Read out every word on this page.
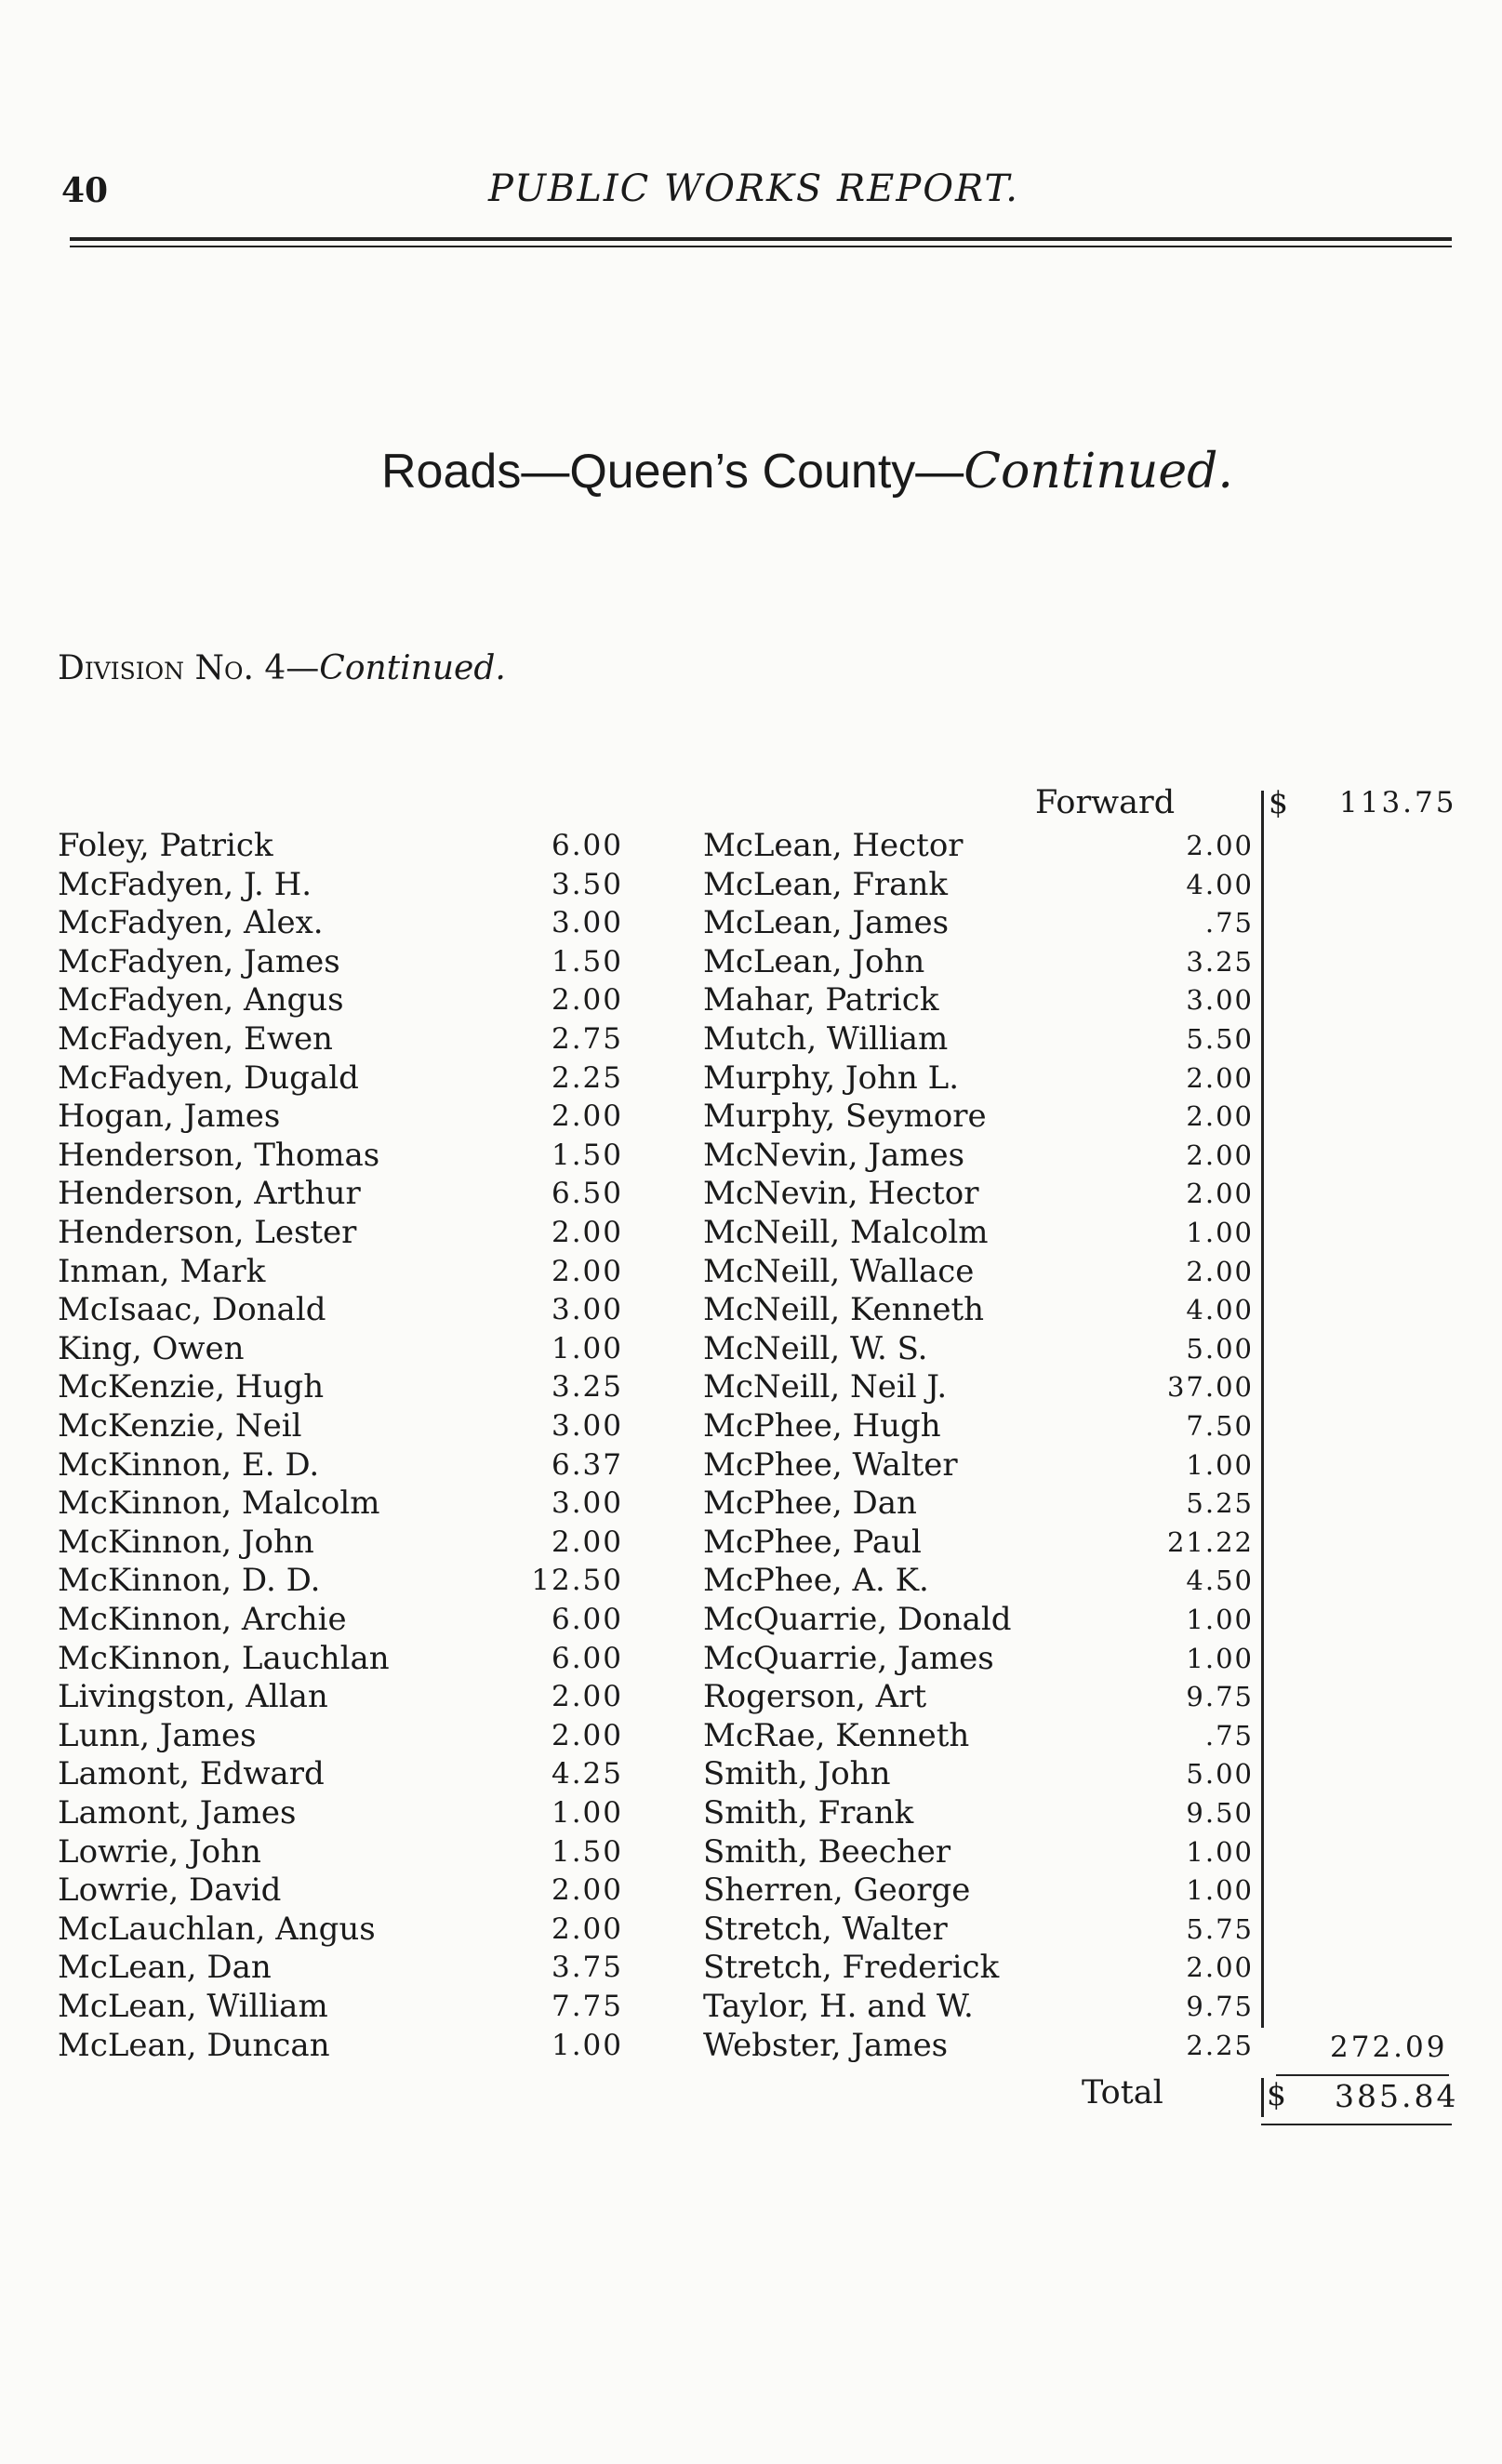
40	PUBLIC WORKS REPORT.
Roads—Queen’s County—Continued.
Division No. 4—Continued.
Forward	$ 113.75
Foley, Patrick	6.00
McFadyen, J. H.	3.50
McFadyen, Alex.	3.00
McFadyen, James	1.50
McFadyen, Angus	2.00
McFadyen, Ewen	2.75
McFadyen, Dugald	2.25
Hogan, James	2.00
Henderson, Thomas	1.50
Henderson, Arthur	6.50
Henderson, Lester	2.00
Inman, Mark	2.00
McIsaac, Donald	3.00
King, Owen	1.00
McKenzie, Hugh	3.25
McKenzie, Neil	3.00
McKinnon, E. D.	6.37
McKinnon, Malcolm	3.00
McKinnon, John	2.00
McKinnon, D. D.	12.50
McKinnon, Archie	6.00
McKinnon, Lauchlan	6.00
Livingston, Allan	2.00
Lunn, James	2.00
Lamont, Edward	4.25
Lamont, James	1.00
Lowrie, John	1.50
Lowrie, David	2.00
McLauchlan, Angus	2.00
McLean, Dan	3.75
McLean, William	7.75
McLean, Duncan	1.00
McLean, Hector	2.00
McLean, Frank	4.00
McLean, James	.75
McLean, John	3.25
Mahar, Patrick	3.00
Mutch, William	5.50
Murphy, John L.	2.00
Murphy, Seymore	2.00
McNevin, James	2.00
McNevin, Hector	2.00
McNeill, Malcolm	1.00
McNeill, Wallace	2.00
McNeill, Kenneth	4.00
McNeill, W. S.	5.00
McNeill, Neil J.	37.00
McPhee, Hugh	7.50
McPhee, Walter	1.00
McPhee, Dan	5.25
McPhee, Paul	21.22
McPhee, A. K.	4.50
McQuarrie, Donald	1.00
McQuarrie, James	1.00
Rogerson, Art	9.75
McRae, Kenneth	.75
Smith, John	5.00
Smith, Frank	9.50
Smith, Beecher	1.00
Sherren, George	1.00
Stretch, Walter	5.75
Stretch, Frederick	2.00
Taylor, H. and W.	9.75
Webster, James	2.25	272.09
Total	$ 385.84
